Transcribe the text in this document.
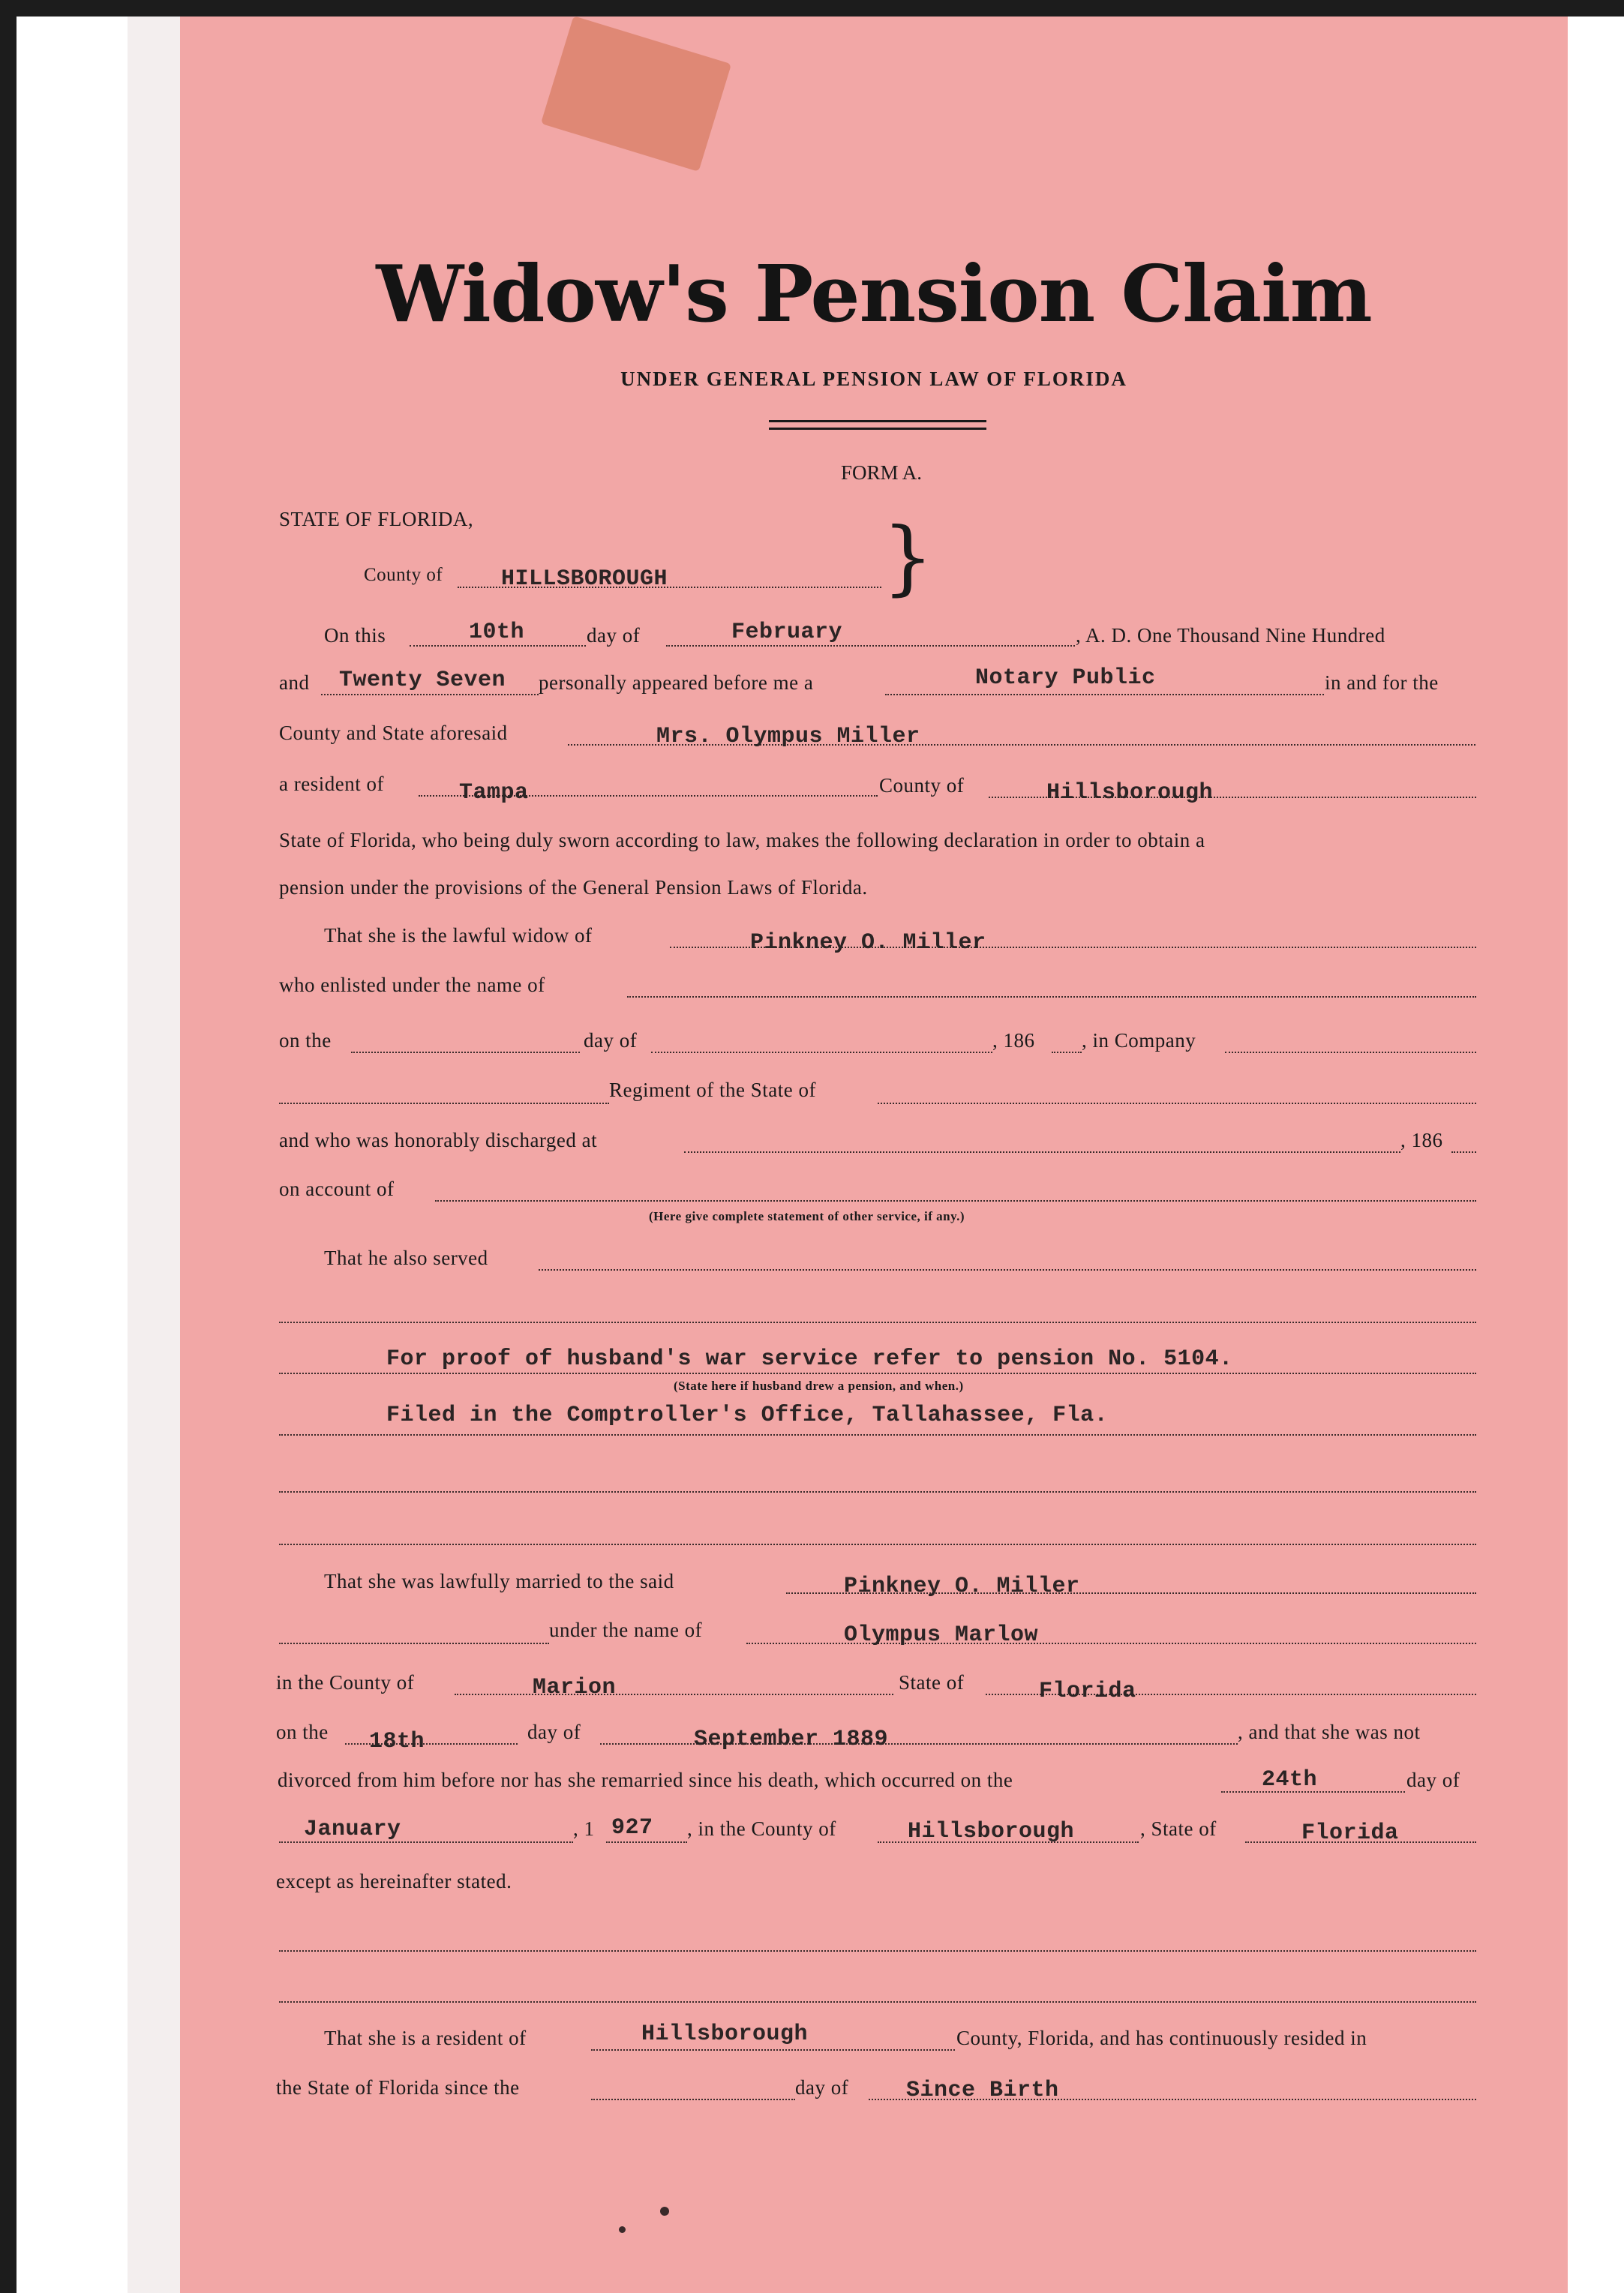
Widow's Pension Claim
UNDER GENERAL PENSION LAW OF FLORIDA
FORM A.
STATE OF FLORIDA,
County of	HILLSBOROUGH	}
On this	10th	day of	February	, A. D. One Thousand Nine Hundred
and Twenty Seven personally appeared before me a	Notary Public	in and for the
County and State aforesaid	Mrs. Olympus Miller
a resident of	Tampa	County of	Hillsborough
State of Florida, who being duly sworn according to law, makes the following declaration in order to obtain a
pension under the provisions of the General Pension Laws of Florida.
That she is the lawful widow of	Pinkney O. Miller
who enlisted under the name of
on the	day of	, 186 , in Company
Regiment of the State of
and who was honorably discharged at	, 186
on account of
(Here give complete statement of other service, if any.)
That he also served
For proof of husband's war service refer to pension No. 5104.
(State here if husband drew a pension, and when.)
Filed in the Comptroller's Office, Tallahassee, Fla.
That she was lawfully married to the said	Pinkney O. Miller
under the name of	Olympus Marlow
in the County of	Marion	State of	Florida
on the 18th	day of	September 1889	, and that she was not
divorced from him before nor has she remarried since his death, which occurred on the	24th	day of
January	, 1 927 , in the County of	Hillsborough	, State of	Florida
except as hereinafter stated.
That she is a resident of	Hillsborough	County, Florida, and has continuously resided in
the State of Florida since the	day of	Since Birth
